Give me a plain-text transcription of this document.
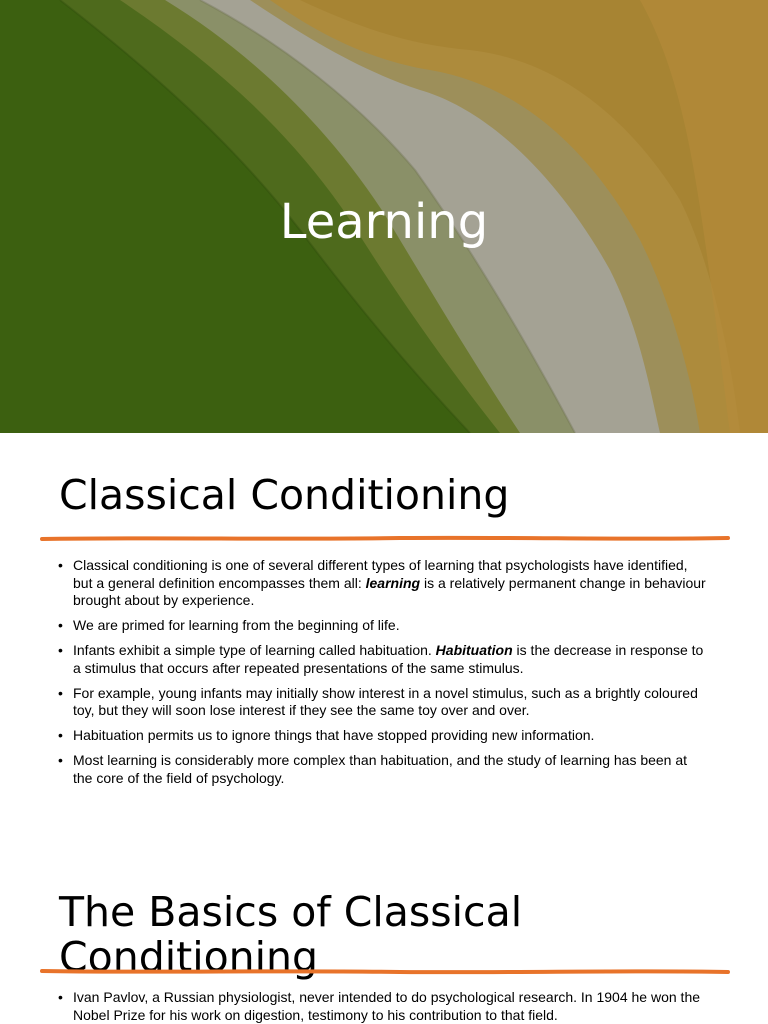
Learning
Classical Conditioning
• Classical conditioning is one of several different types of learning that psychologists have identified, but a general definition encompasses them all: learning is a relatively permanent change in behaviour brought about by experience.
• We are primed for learning from the beginning of life.
• Infants exhibit a simple type of learning called habituation. Habituation is the decrease in response to a stimulus that occurs after repeated presentations of the same stimulus.
• For example, young infants may initially show interest in a novel stimulus, such as a brightly coloured toy, but they will soon lose interest if they see the same toy over and over.
• Habituation permits us to ignore things that have stopped providing new information.
• Most learning is considerably more complex than habituation, and the study of learning has been at the core of the field of psychology.
The Basics of Classical
Conditioning
• Ivan Pavlov, a Russian physiologist, never intended to do psychological research. In 1904 he won the Nobel Prize for his work on digestion, testimony to his contribution to that field.
